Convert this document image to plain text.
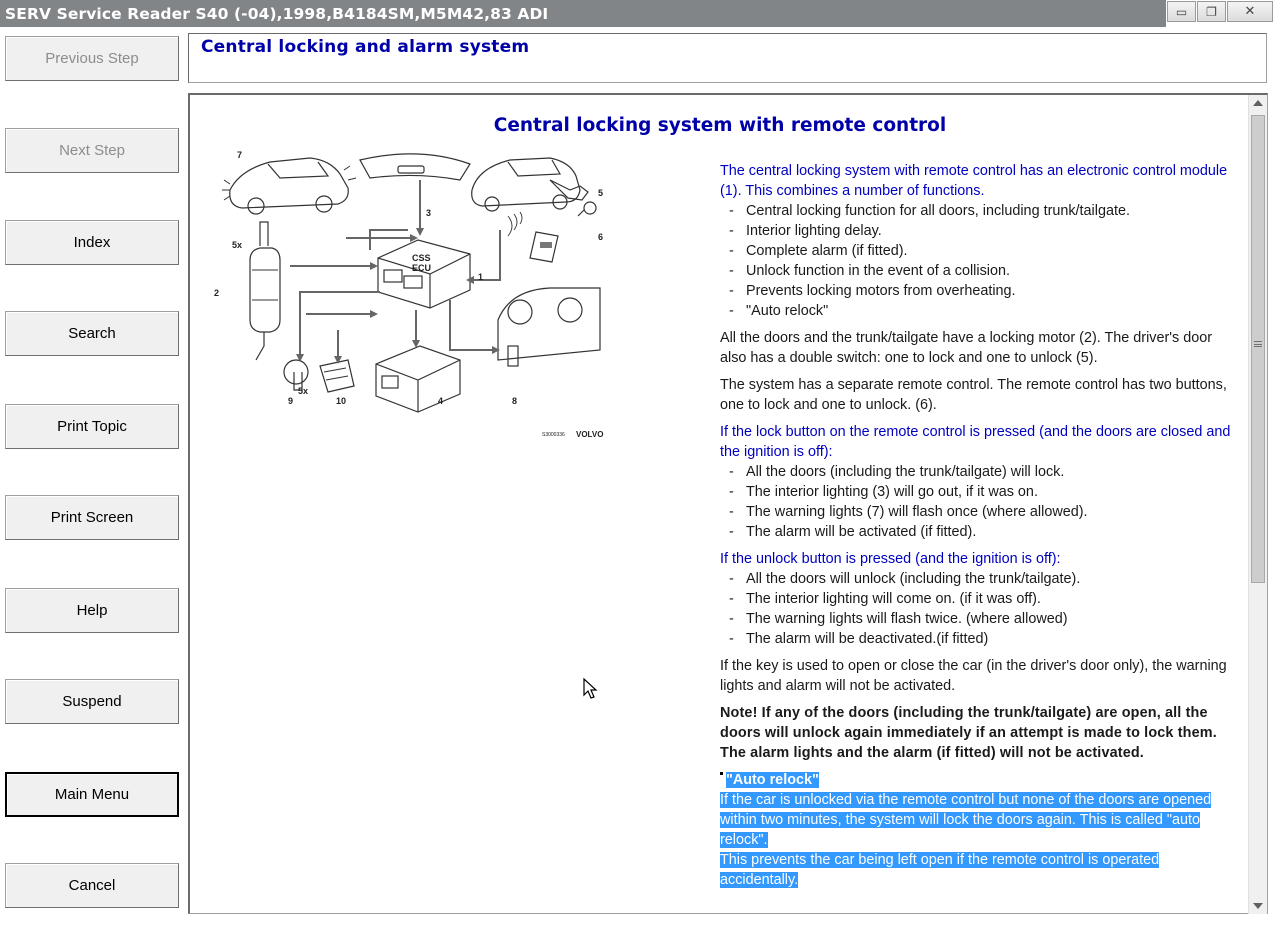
SERV Service Reader S40 (-04),1998,B4184SM,M5M42,83 ADI	▭ ❐ ✕
Previous Step
Next Step
Index
Search
Print Topic
Print Screen
Help
Suspend
Main Menu
Cancel
Central locking and alarm system
Central locking system with remote control
7
3
5
6
5x
2
1
9
5x
10	4	8
CSS
ECU
S3000336 VOLVO

The central locking system with remote control has an electronic control module (1). This combines a number of functions.

- Central locking function for all doors, including trunk/tailgate.
- Interior lighting delay.
- Complete alarm (if fitted).
- Unlock function in the event of a collision.
- Prevents locking motors from overheating.
- "Auto relock"

All the doors and the trunk/tailgate have a locking motor (2). The driver's door also has a double switch: one to lock and one to unlock (5).

The system has a separate remote control. The remote control has two buttons, one to lock and one to unlock. (6).

If the lock button on the remote control is pressed (and the doors are closed and the ignition is off):

- All the doors (including the trunk/tailgate) will lock.
- The interior lighting (3) will go out, if it was on.
- The warning lights (7) will flash once (where allowed).
- The alarm will be activated (if fitted).

If the unlock button is pressed (and the ignition is off):

- All the doors will unlock (including the trunk/tailgate).
- The interior lighting will come on. (if it was off).
- The warning lights will flash twice. (where allowed)
- The alarm will be deactivated.(if fitted)

If the key is used to open or close the car (in the driver's door only), the warning lights and alarm will not be activated.

Note! If any of the doors (including the trunk/tailgate) are open, all the doors will unlock again immediately if an attempt is made to lock them.
The alarm lights and the alarm (if fitted) will not be activated.
"Auto relock"
If the car is unlocked via the remote control but none of the doors are opened within two minutes, the system will lock the doors again. This is called "auto relock".
This prevents the car being left open if the remote control is operated accidentally.
